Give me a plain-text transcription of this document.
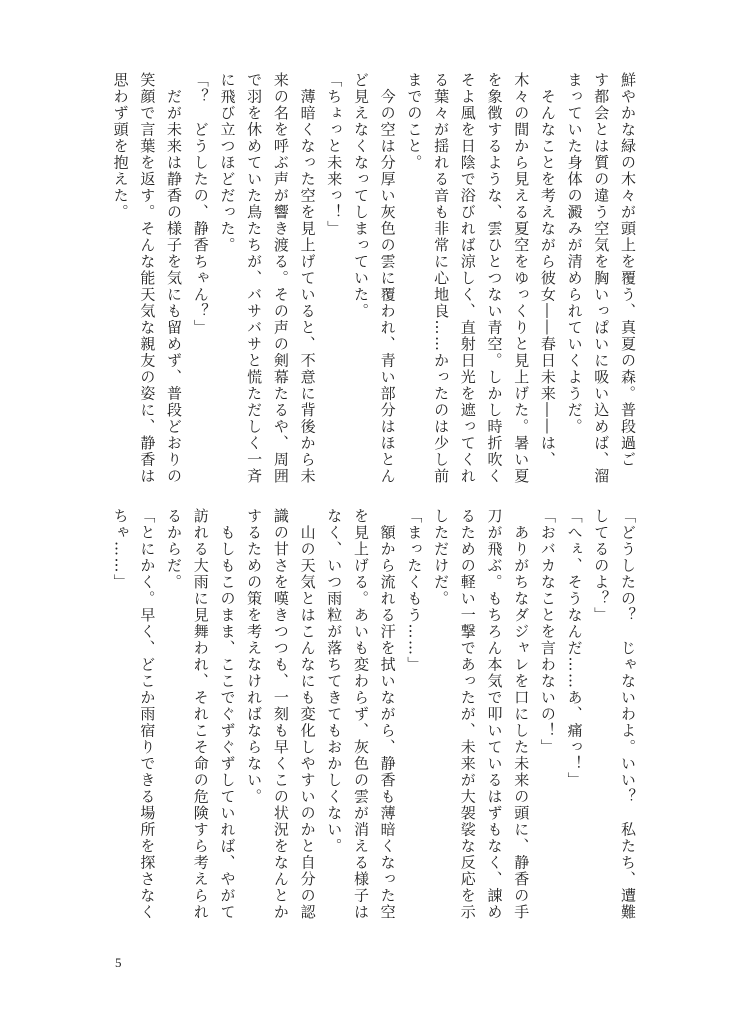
鮮やかな緑の木々が頭上を覆う、真夏の森。普段過ご
す都会とは質の違う空気を胸いっぱいに吸い込めば、溜
まっていた身体の澱みが清められていくようだ。
　そんなことを考えながら彼女――春日未来――は、
木々の間から見える夏空をゆっくりと見上げた。暑い夏
を象徴するような、雲ひとつない青空。しかし時折吹く
そよ風を日陰で浴びれば涼しく、直射日光を遮ってくれ
る葉々が揺れる音も非常に心地良……かったのは少し前
までのこと。
　今の空は分厚い灰色の雲に覆われ、青い部分はほとん
ど見えなくなってしまっていた。
「ちょっと未来っ！」
　薄暗くなった空を見上げていると、不意に背後から未
来の名を呼ぶ声が響き渡る。その声の剣幕たるや、周囲
で羽を休めていた鳥たちが、バサバサと慌ただしく一斉
に飛び立つほどだった。
「？　どうしたの、静香ちゃん？」
　だが未来は静香の様子を気にも留めず、普段どおりの
笑顔で言葉を返す。そんな能天気な親友の姿に、静香は
思わず頭を抱えた。
「どうしたの？　じゃないわよ。いい？　私たち、遭難
してるのよ？」
「へぇ、そうなんだ……あ、痛っ！」
「おバカなことを言わないの！」
　ありがちなダジャレを口にした未来の頭に、静香の手
刀が飛ぶ。もちろん本気で叩いているはずもなく、諌め
るための軽い一撃であったが、未来が大袈裟な反応を示
しただけだ。
「まったくもう……」
　額から流れる汗を拭いながら、静香も薄暗くなった空
を見上げる。あいも変わらず、灰色の雲が消える様子は
なく、いつ雨粒が落ちてきてもおかしくない。
　山の天気とはこんなにも変化しやすいのかと自分の認
識の甘さを嘆きつつも、一刻も早くこの状況をなんとか
するための策を考えなければならない。
　もしもこのまま、ここでぐずぐずしていれば、やがて
訪れる大雨に見舞われ、それこそ命の危険すら考えられ
るからだ。
「とにかく。早く、どこか雨宿りできる場所を探さなく
ちゃ……」
5
